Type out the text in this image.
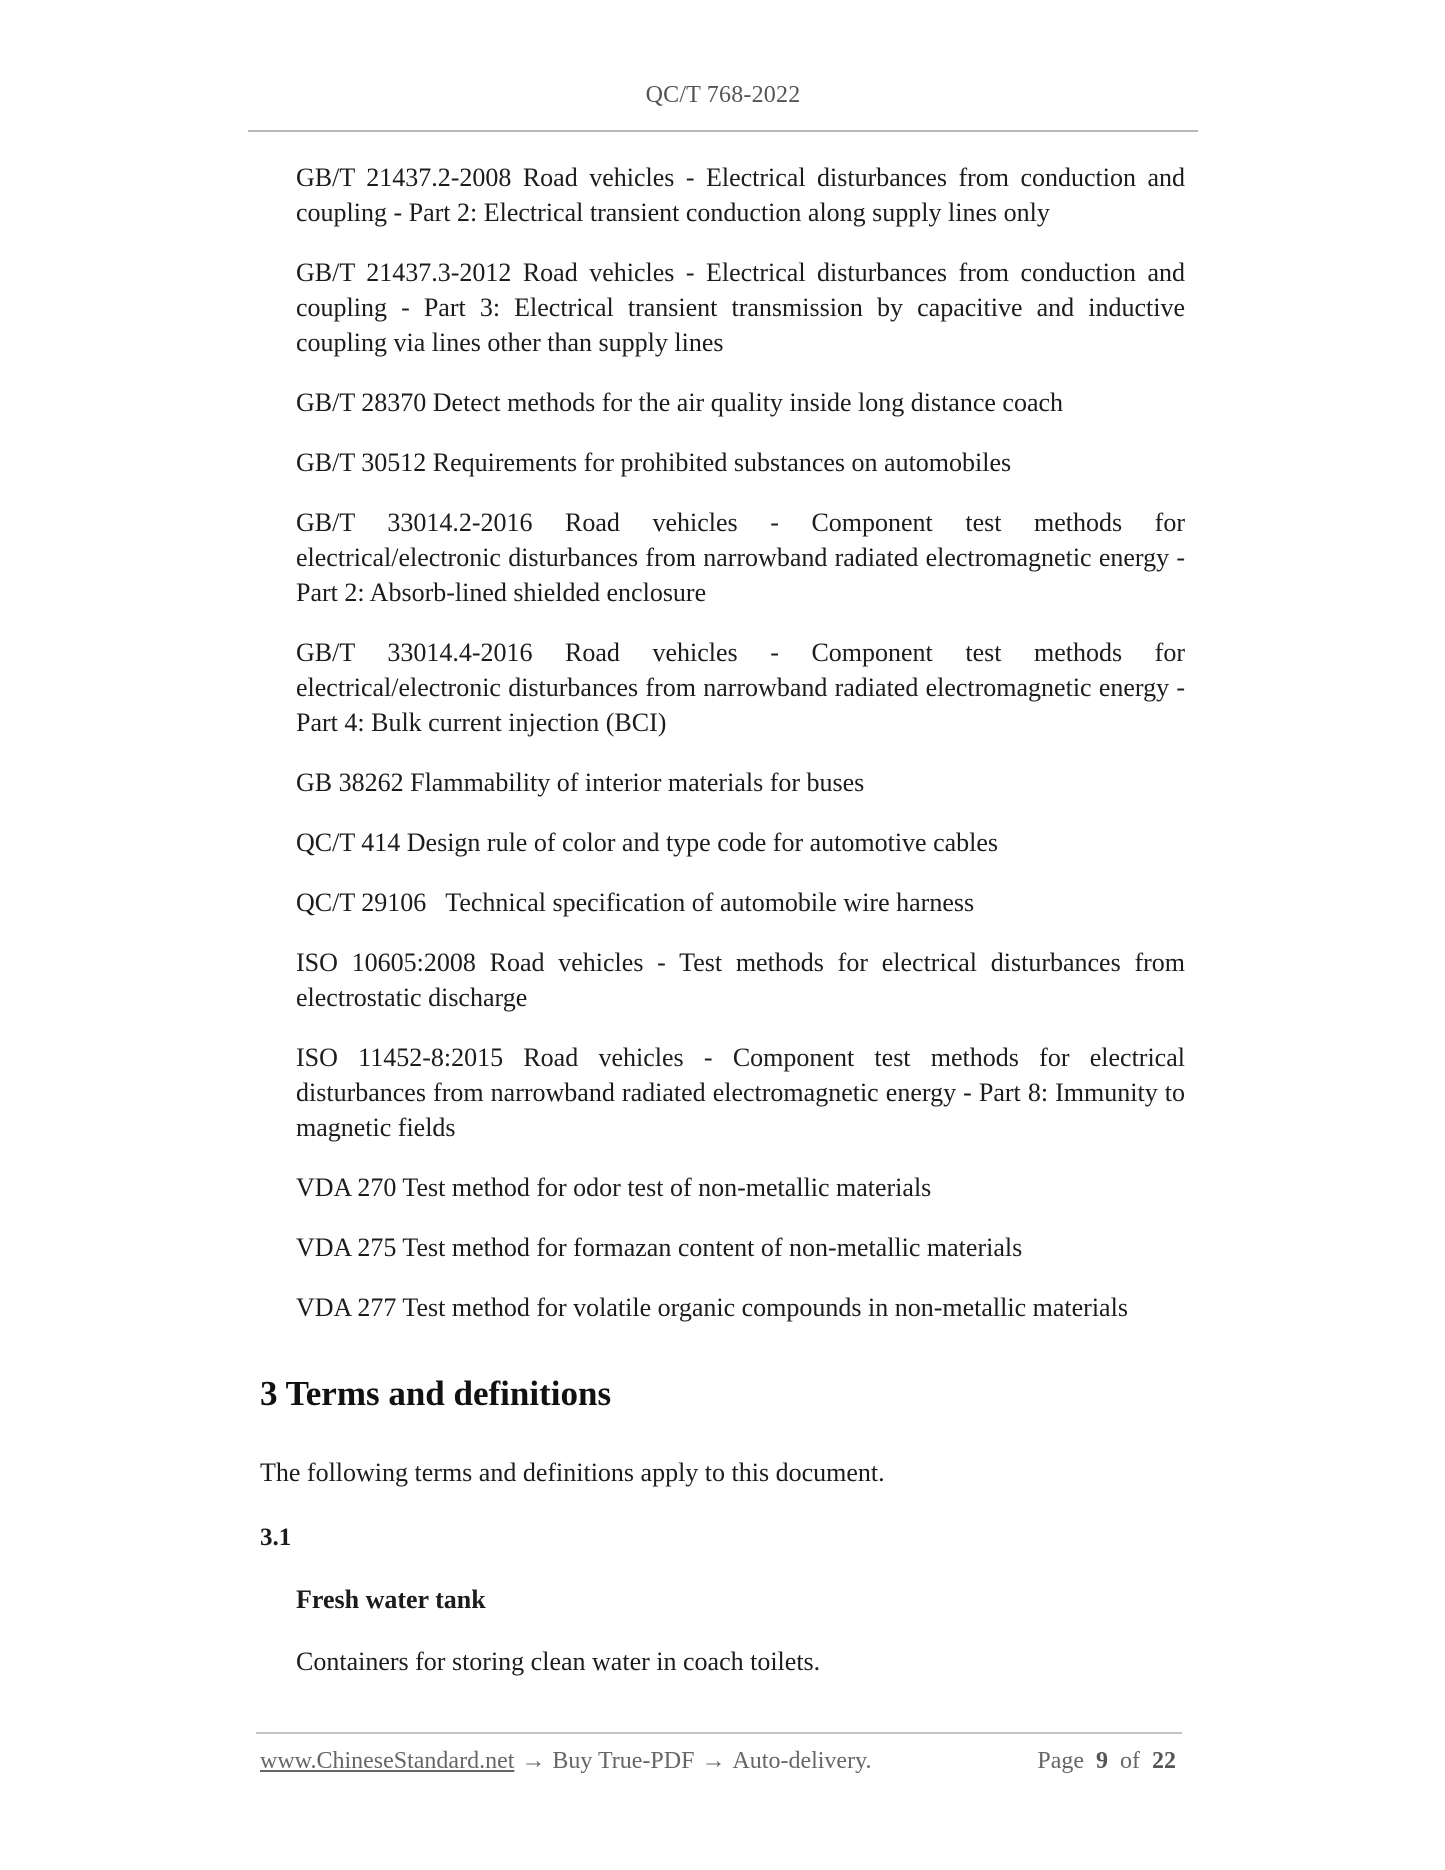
QC/T 768-2022
GB/T 21437.2-2008 Road vehicles - Electrical disturbances from conduction and coupling - Part 2: Electrical transient conduction along supply lines only
GB/T 21437.3-2012 Road vehicles - Electrical disturbances from conduction and coupling - Part 3: Electrical transient transmission by capacitive and inductive coupling via lines other than supply lines
GB/T 28370 Detect methods for the air quality inside long distance coach
GB/T 30512 Requirements for prohibited substances on automobiles
GB/T 33014.2-2016 Road vehicles - Component test methods for electrical/electronic disturbances from narrowband radiated electromagnetic energy - Part 2: Absorb-lined shielded enclosure
GB/T 33014.4-2016 Road vehicles - Component test methods for electrical/electronic disturbances from narrowband radiated electromagnetic energy - Part 4: Bulk current injection (BCI)
GB 38262 Flammability of interior materials for buses
QC/T 414 Design rule of color and type code for automotive cables
QC/T 29106   Technical specification of automobile wire harness
ISO 10605:2008 Road vehicles - Test methods for electrical disturbances from electrostatic discharge
ISO 11452-8:2015 Road vehicles - Component test methods for electrical disturbances from narrowband radiated electromagnetic energy - Part 8: Immunity to magnetic fields
VDA 270 Test method for odor test of non-metallic materials
VDA 275 Test method for formazan content of non-metallic materials
VDA 277 Test method for volatile organic compounds in non-metallic materials
3 Terms and definitions

The following terms and definitions apply to this document.

3.1

Fresh water tank

Containers for storing clean water in coach toilets.

www.ChineseStandard.net → Buy True-PDF → Auto-delivery.	Page 9 of 22
